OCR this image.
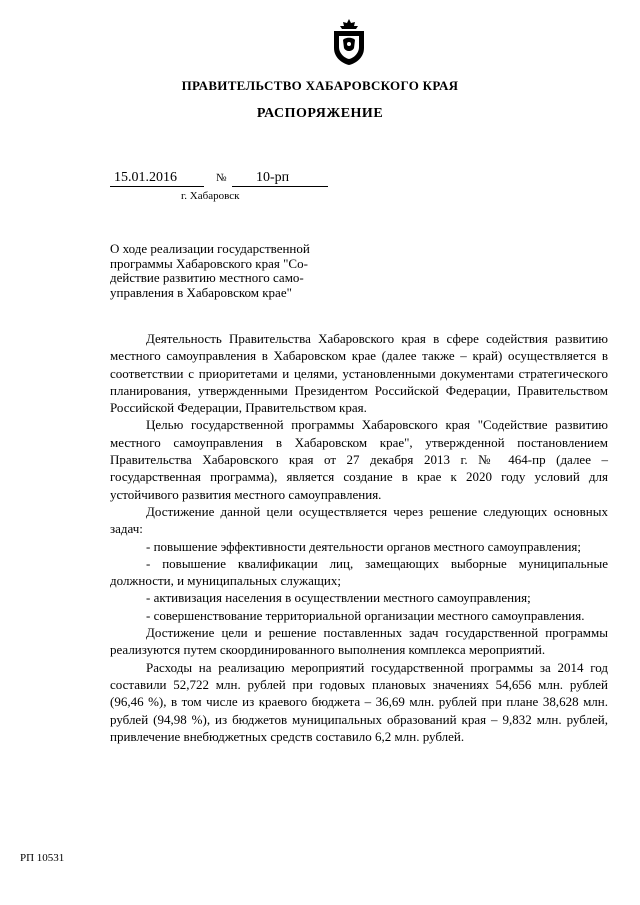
ПРАВИТЕЛЬСТВО ХАБАРОВСКОГО КРАЯ
РАСПОРЯЖЕНИЕ
15.01.2016	№	10-рп
г. Хабаровск
О ходе реализации государственной
программы Хабаровского края "Со-
действие развитию местного само-
управления в Хабаровском крае"

Деятельность Правительства Хабаровского края в сфере содействия развитию местного самоуправления в Хабаровском крае (далее также – край) осуществляется в соответствии с приоритетами и целями, установленными документами стратегического планирования, утвержденными Президентом Российской Федерации, Правительством Российской Федерации, Правительством края.

Целью государственной программы Хабаровского края "Содействие развитию местного самоуправления в Хабаровском крае", утвержденной постановлением Правительства Хабаровского края от 27 декабря 2013 г. № 464-пр (далее – государственная программа), является создание в крае к 2020 году условий для устойчивого развития местного самоуправления.

Достижение данной цели осуществляется через решение следующих основных задач:

- повышение эффективности деятельности органов местного самоуправления;

- повышение квалификации лиц, замещающих выборные муниципальные должности, и муниципальных служащих;

- активизация населения в осуществлении местного самоуправления;

- совершенствование территориальной организации местного самоуправления.

Достижение цели и решение поставленных задач государственной программы реализуются путем скоординированного выполнения комплекса мероприятий.

Расходы на реализацию мероприятий государственной программы за 2014 год составили 52,722 млн. рублей при годовых плановых значениях 54,656 млн. рублей (96,46 %), в том числе из краевого бюджета – 36,69 млн. рублей при плане 38,628 млн. рублей (94,98 %), из бюджетов муниципальных образований края – 9,832 млн. рублей, привлечение внебюджетных средств составило 6,2 млн. рублей.

РП 10531
